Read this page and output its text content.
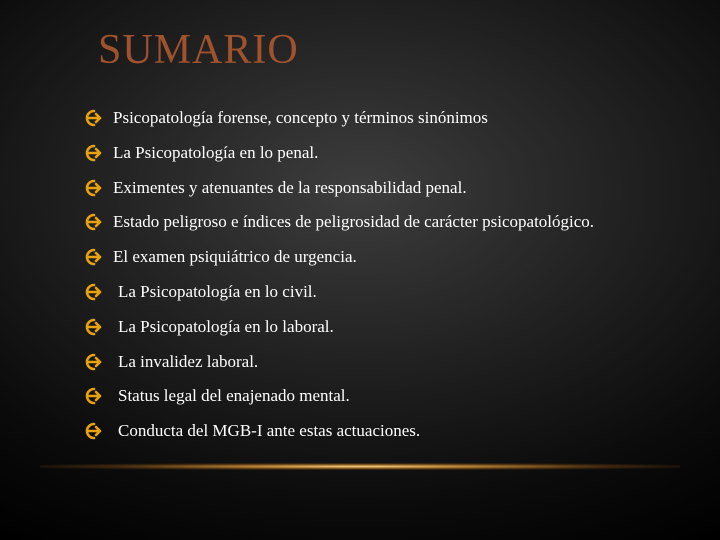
SUMARIO
Psicopatología forense, concepto y términos sinónimos
La Psicopatología en lo penal.
Eximentes y atenuantes de la responsabilidad penal.
Estado peligroso e índices de peligrosidad de carácter psicopatológico.
El examen psiquiátrico de urgencia.
La Psicopatología en lo civil.
La Psicopatología en lo laboral.
La invalidez laboral.
Status legal del enajenado mental.
Conducta del MGB-I ante estas actuaciones.
